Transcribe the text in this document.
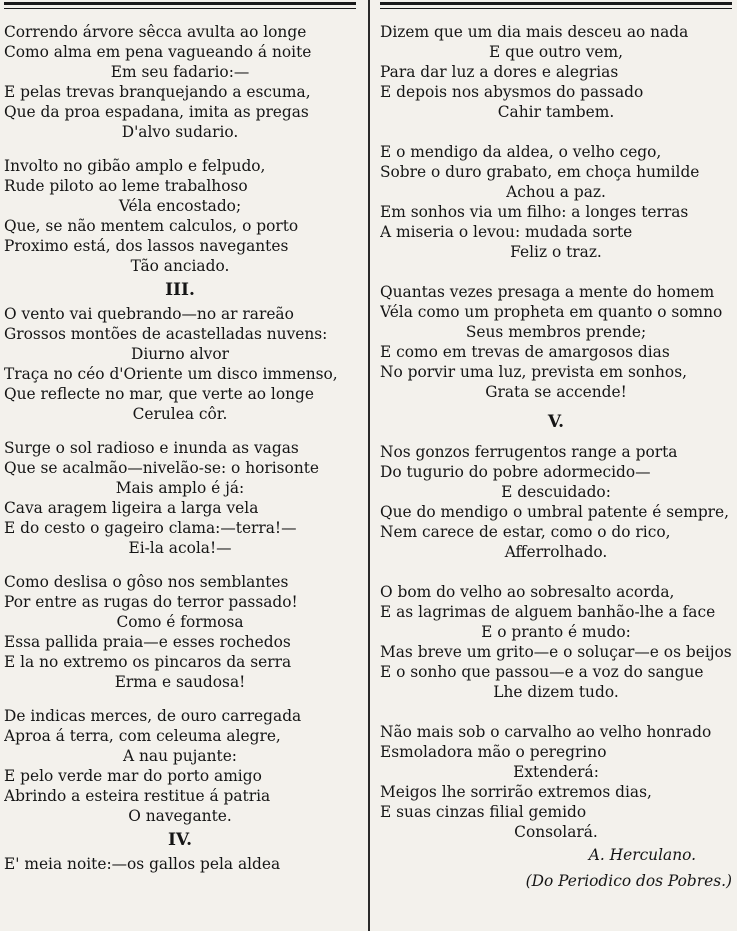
Correndo árvore sêcca avulta ao longe
Como alma em pena vagueando á noite
Em seu fadario:—
E pelas trevas branquejando a escuma,
Que da proa espadana, imita as pregas
D'alvo sudario.
Involto no gibão amplo e felpudo,
Rude piloto ao leme trabalhoso
Véla encostado;
Que, se não mentem calculos, o porto
Proximo está, dos lassos navegantes
Tão anciado.
III.
O vento vai quebrando—no ar rareão
Grossos montões de acastelladas nuvens:
Diurno alvor
Traça no céo d'Oriente um disco immenso,
Que reflecte no mar, que verte ao longe
Cerulea côr.
Surge o sol radioso e inunda as vagas
Que se acalmão—nivelão-se: o horisonte
Mais amplo é já:
Cava aragem ligeira a larga vela
E do cesto o gageiro clama:—terra!—
Ei-la acola!—
Como deslisa o gôso nos semblantes
Por entre as rugas do terror passado!
Como é formosa
Essa pallida praia—e esses rochedos
E la no extremo os pincaros da serra
Erma e saudosa!
De indicas merces, de ouro carregada
Aproa á terra, com celeuma alegre,
A nau pujante:
E pelo verde mar do porto amigo
Abrindo a esteira restitue á patria
O navegante.
IV.
E' meia noite:—os gallos pela aldea
Dizem que um dia mais desceu ao nada
E que outro vem,
Para dar luz a dores e alegrias
E depois nos abysmos do passado
Cahir tambem.
E o mendigo da aldea, o velho cego,
Sobre o duro grabato, em choça humilde
Achou a paz.
Em sonhos via um filho: a longes terras
A miseria o levou: mudada sorte
Feliz o traz.
Quantas vezes presaga a mente do homem
Véla como um propheta em quanto o somno
Seus membros prende;
E como em trevas de amargosos dias
No porvir uma luz, prevista em sonhos,
Grata se accende!
V.
Nos gonzos ferrugentos range a porta
Do tugurio do pobre adormecido—
E descuidado:
Que do mendigo o umbral patente é sempre,
Nem carece de estar, como o do rico,
Afferrolhado.
O bom do velho ao sobresalto acorda,
E as lagrimas de alguem banhão-lhe a face
E o pranto é mudo:
Mas breve um grito—e o soluçar—e os beijos
E o sonho que passou—e a voz do sangue
Lhe dizem tudo.
Não mais sob o carvalho ao velho honrado
Esmoladora mão o peregrino
Extenderá:
Meigos lhe sorrirão extremos dias,
E suas cinzas filial gemido
Consolará.
A. Herculano.
(Do Periodico dos Pobres.)
